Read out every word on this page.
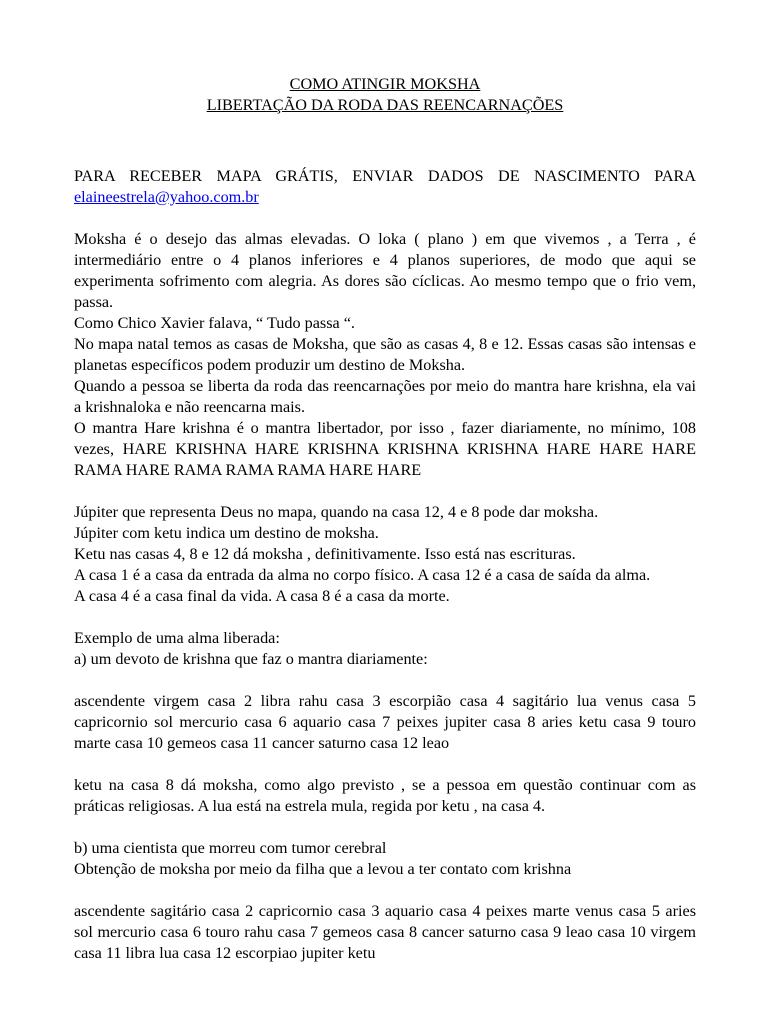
COMO ATINGIR MOKSHA

LIBERTAÇÃO DA RODA DAS REENCARNAÇÕES

PARA RECEBER MAPA GRÁTIS, ENVIAR DADOS DE NASCIMENTO PARA

elaineestrela@yahoo.com.br

Moksha é o desejo das almas elevadas. O loka ( plano ) em que vivemos , a Terra , é intermediário entre o 4 planos inferiores e 4 planos superiores, de modo que aqui se experimenta sofrimento com alegria. As dores são cíclicas. Ao mesmo tempo que o frio vem, passa.

Como Chico Xavier falava, “ Tudo passa “.

No mapa natal temos as casas de Moksha, que são as casas 4, 8 e 12. Essas casas são intensas e planetas específicos podem produzir um destino de Moksha.

Quando a pessoa se liberta da roda das reencarnações por meio do mantra hare krishna, ela vai a krishnaloka e não reencarna mais.

O mantra Hare krishna é o mantra libertador, por isso , fazer diariamente, no mínimo, 108 vezes, HARE KRISHNA HARE KRISHNA KRISHNA KRISHNA HARE HARE HARE RAMA HARE RAMA RAMA RAMA HARE HARE

Júpiter que representa Deus no mapa, quando na casa 12, 4 e 8 pode dar moksha.

Júpiter com ketu indica um destino de moksha.

Ketu nas casas 4, 8 e 12 dá moksha , definitivamente. Isso está nas escrituras.

A casa 1 é a casa da entrada da alma no corpo físico. A casa 12 é a casa de saída da alma.

A casa 4 é a casa final da vida. A casa 8 é a casa da morte.

Exemplo de uma alma liberada:

a) um devoto de krishna que faz o mantra diariamente:

ascendente virgem casa 2 libra rahu casa 3 escorpião casa 4 sagitário lua venus casa 5 capricornio sol mercurio casa 6 aquario casa 7 peixes jupiter casa 8 aries ketu casa 9 touro marte casa 10 gemeos casa 11 cancer saturno casa 12 leao

ketu na casa 8 dá moksha, como algo previsto , se a pessoa em questão continuar com as práticas religiosas. A lua está na estrela mula, regida por ketu , na casa 4.

b) uma cientista que morreu com tumor cerebral

Obtenção de moksha por meio da filha que a levou a ter contato com krishna

ascendente sagitário casa 2 capricornio casa 3 aquario casa 4 peixes marte venus casa 5 aries sol mercurio casa 6 touro rahu casa 7 gemeos casa 8 cancer saturno casa 9 leao casa 10 virgem casa 11 libra lua casa 12 escorpiao jupiter ketu
